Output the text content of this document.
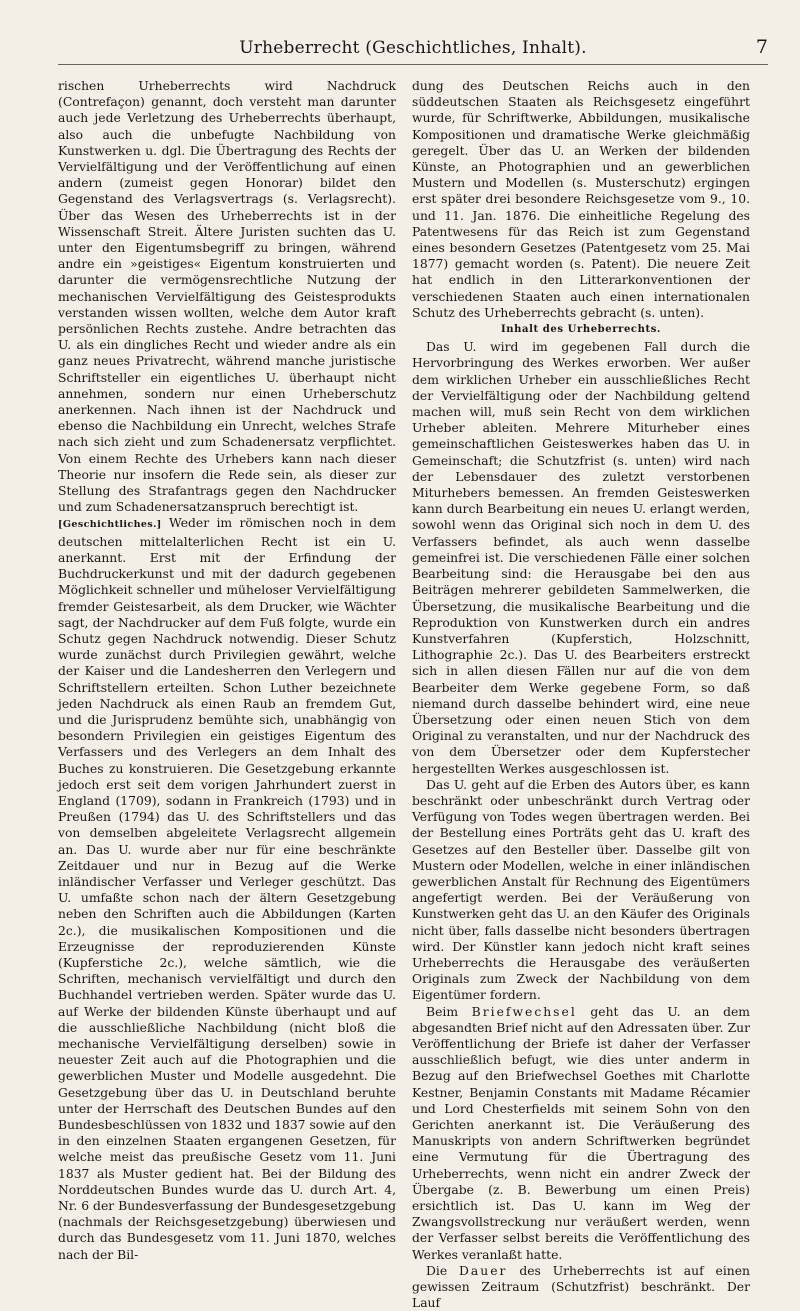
Urheberrecht (Geschichtliches, Inhalt).	7

rischen Urheberrechts wird Nachdruck (Contrefaçon) genannt, doch versteht man darunter auch jede Verletzung des Urheberrechts überhaupt, also auch die unbefugte Nachbildung von Kunstwerken u. dgl. Die Übertragung des Rechts der Vervielfältigung und der Veröffentlichung auf einen andern (zumeist gegen Honorar) bildet den Gegenstand des Verlagsvertrags (s. Verlagsrecht). Über das Wesen des Urheberrechts ist in der Wissenschaft Streit. Ältere Juristen suchten das U. unter den Eigentumsbegriff zu bringen, während andre ein »geistiges« Eigentum konstruierten und darunter die vermögensrechtliche Nutzung der mechanischen Vervielfältigung des Geistesprodukts verstanden wissen wollten, welche dem Autor kraft persönlichen Rechts zustehe. Andre betrachten das U. als ein dingliches Recht und wieder andre als ein ganz neues Privatrecht, während manche juristische Schriftsteller ein eigentliches U. überhaupt nicht annehmen, sondern nur einen Urheberschutz anerkennen. Nach ihnen ist der Nachdruck und ebenso die Nachbildung ein Unrecht, welches Strafe nach sich zieht und zum Schadenersatz verpflichtet. Von einem Rechte des Urhebers kann nach dieser Theorie nur insofern die Rede sein, als dieser zur Stellung des Strafantrags gegen den Nachdrucker und zum Schadenersatzanspruch berechtigt ist.

[Geschichtliches.] Weder im römischen noch in dem deutschen mittelalterlichen Recht ist ein U. anerkannt. Erst mit der Erfindung der Buchdruckerkunst und mit der dadurch gegebenen Möglichkeit schneller und müheloser Vervielfältigung fremder Geistesarbeit, als dem Drucker, wie Wächter sagt, der Nachdrucker auf dem Fuß folgte, wurde ein Schutz gegen Nachdruck notwendig. Dieser Schutz wurde zunächst durch Privilegien gewährt, welche der Kaiser und die Landesherren den Verlegern und Schriftstellern erteilten. Schon Luther bezeichnete jeden Nachdruck als einen Raub an fremdem Gut, und die Jurisprudenz bemühte sich, unabhängig von besondern Privilegien ein geistiges Eigentum des Verfassers und des Verlegers an dem Inhalt des Buches zu konstruieren. Die Gesetzgebung erkannte jedoch erst seit dem vorigen Jahrhundert zuerst in England (1709), sodann in Frankreich (1793) und in Preußen (1794) das U. des Schriftstellers und das von demselben abgeleitete Verlagsrecht allgemein an. Das U. wurde aber nur für eine beschränkte Zeitdauer und nur in Bezug auf die Werke inländischer Verfasser und Verleger geschützt. Das U. umfaßte schon nach der ältern Gesetzgebung neben den Schriften auch die Abbildungen (Karten 2c.), die musikalischen Kompositionen und die Erzeugnisse der reproduzierenden Künste (Kupferstiche 2c.), welche sämtlich, wie die Schriften, mechanisch vervielfältigt und durch den Buchhandel vertrieben werden. Später wurde das U. auf Werke der bildenden Künste überhaupt und auf die ausschließliche Nachbildung (nicht bloß die mechanische Vervielfältigung derselben) sowie in neuester Zeit auch auf die Photographien und die gewerblichen Muster und Modelle ausgedehnt. Die Gesetzgebung über das U. in Deutschland beruhte unter der Herrschaft des Deutschen Bundes auf den Bundesbeschlüssen von 1832 und 1837 sowie auf den in den einzelnen Staaten ergangenen Gesetzen, für welche meist das preußische Gesetz vom 11. Juni 1837 als Muster gedient hat. Bei der Bildung des Norddeutschen Bundes wurde das U. durch Art. 4, Nr. 6 der Bundesverfassung der Bundesgesetzgebung (nachmals der Reichsgesetzgebung) überwiesen und durch das Bundesgesetz vom 11. Juni 1870, welches nach der Bil-

dung des Deutschen Reichs auch in den süddeutschen Staaten als Reichsgesetz eingeführt wurde, für Schriftwerke, Abbildungen, musikalische Kompositionen und dramatische Werke gleichmäßig geregelt. Über das U. an Werken der bildenden Künste, an Photographien und an gewerblichen Mustern und Modellen (s. Musterschutz) ergingen erst später drei besondere Reichsgesetze vom 9., 10. und 11. Jan. 1876. Die einheitliche Regelung des Patentwesens für das Reich ist zum Gegenstand eines besondern Gesetzes (Patentgesetz vom 25. Mai 1877) gemacht worden (s. Patent). Die neuere Zeit hat endlich in den Litterarkonventionen der verschiedenen Staaten auch einen internationalen Schutz des Urheberrechts gebracht (s. unten).

Inhalt des Urheberrechts.

Das U. wird im gegebenen Fall durch die Hervorbringung des Werkes erworben. Wer außer dem wirklichen Urheber ein ausschließliches Recht der Vervielfältigung oder der Nachbildung geltend machen will, muß sein Recht von dem wirklichen Urheber ableiten. Mehrere Miturheber eines gemeinschaftlichen Geisteswerkes haben das U. in Gemeinschaft; die Schutzfrist (s. unten) wird nach der Lebensdauer des zuletzt verstorbenen Miturhebers bemessen. An fremden Geisteswerken kann durch Bearbeitung ein neues U. erlangt werden, sowohl wenn das Original sich noch in dem U. des Verfassers befindet, als auch wenn dasselbe gemeinfrei ist. Die verschiedenen Fälle einer solchen Bearbeitung sind: die Herausgabe bei den aus Beiträgen mehrerer gebildeten Sammelwerken, die Übersetzung, die musikalische Bearbeitung und die Reproduktion von Kunstwerken durch ein andres Kunstverfahren (Kupferstich, Holzschnitt, Lithographie 2c.). Das U. des Bearbeiters erstreckt sich in allen diesen Fällen nur auf die von dem Bearbeiter dem Werke gegebene Form, so daß niemand durch dasselbe behindert wird, eine neue Übersetzung oder einen neuen Stich von dem Original zu veranstalten, und nur der Nachdruck des von dem Übersetzer oder dem Kupferstecher hergestellten Werkes ausgeschlossen ist.

Das U. geht auf die Erben des Autors über, es kann beschränkt oder unbeschränkt durch Vertrag oder Verfügung von Todes wegen übertragen werden. Bei der Bestellung eines Porträts geht das U. kraft des Gesetzes auf den Besteller über. Dasselbe gilt von Mustern oder Modellen, welche in einer inländischen gewerblichen Anstalt für Rechnung des Eigentümers angefertigt werden. Bei der Veräußerung von Kunstwerken geht das U. an den Käufer des Originals nicht über, falls dasselbe nicht besonders übertragen wird. Der Künstler kann jedoch nicht kraft seines Urheberrechts die Herausgabe des veräußerten Originals zum Zweck der Nachbildung von dem Eigentümer fordern.

Beim Briefwechsel geht das U. an dem abgesandten Brief nicht auf den Adressaten über. Zur Veröffentlichung der Briefe ist daher der Verfasser ausschließlich befugt, wie dies unter anderm in Bezug auf den Briefwechsel Goethes mit Charlotte Kestner, Benjamin Constants mit Madame Récamier und Lord Chesterfields mit seinem Sohn von den Gerichten anerkannt ist. Die Veräußerung des Manuskripts von andern Schriftwerken begründet eine Vermutung für die Übertragung des Urheberrechts, wenn nicht ein andrer Zweck der Übergabe (z. B. Bewerbung um einen Preis) ersichtlich ist. Das U. kann im Weg der Zwangsvollstreckung nur veräußert werden, wenn der Verfasser selbst bereits die Veröffentlichung des Werkes veranlaßt hatte.

Die Dauer des Urheberrechts ist auf einen gewissen Zeitraum (Schutzfrist) beschränkt. Der Lauf
